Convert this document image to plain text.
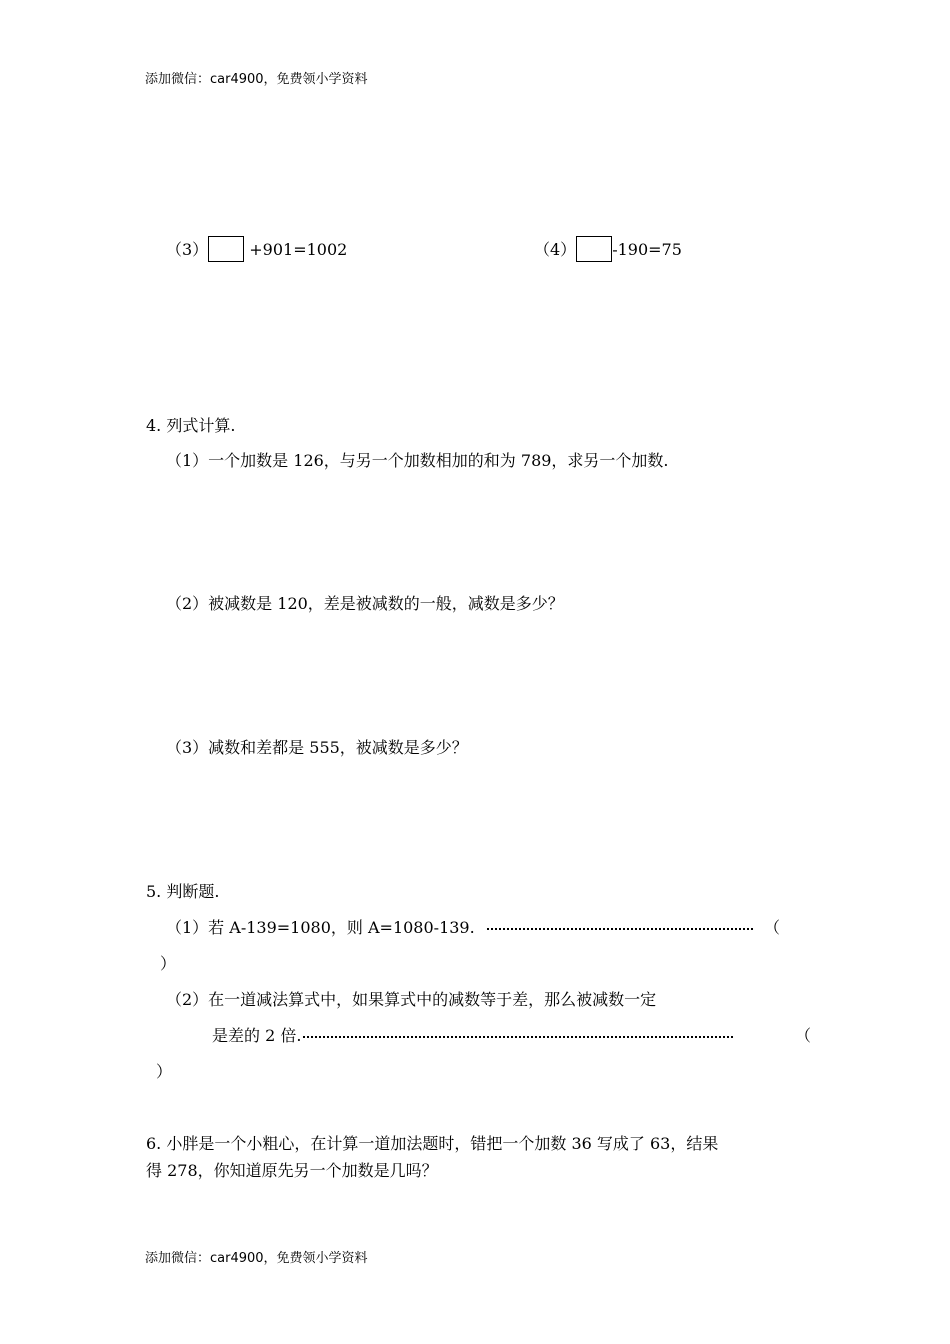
添加微信：car4900，免费领小学资料
（3） +901=1002	（4） -190=75
4. 列式计算.
（1）一个加数是 126，与另一个加数相加的和为 789，求另一个加数.
（2）被减数是 120，差是被减数的一般，减数是多少？
（3）减数和差都是 555，被减数是多少？
5. 判断题.
（1）若 A-139=1080，则 A=1080-139.	（
）
（2）在一道减法算式中，如果算式中的减数等于差，那么被减数一定
是差的 2 倍.	（
）
6. 小胖是一个小粗心，在计算一道加法题时，错把一个加数 36 写成了 63，结果
得 278，你知道原先另一个加数是几吗？
添加微信：car4900，免费领小学资料
